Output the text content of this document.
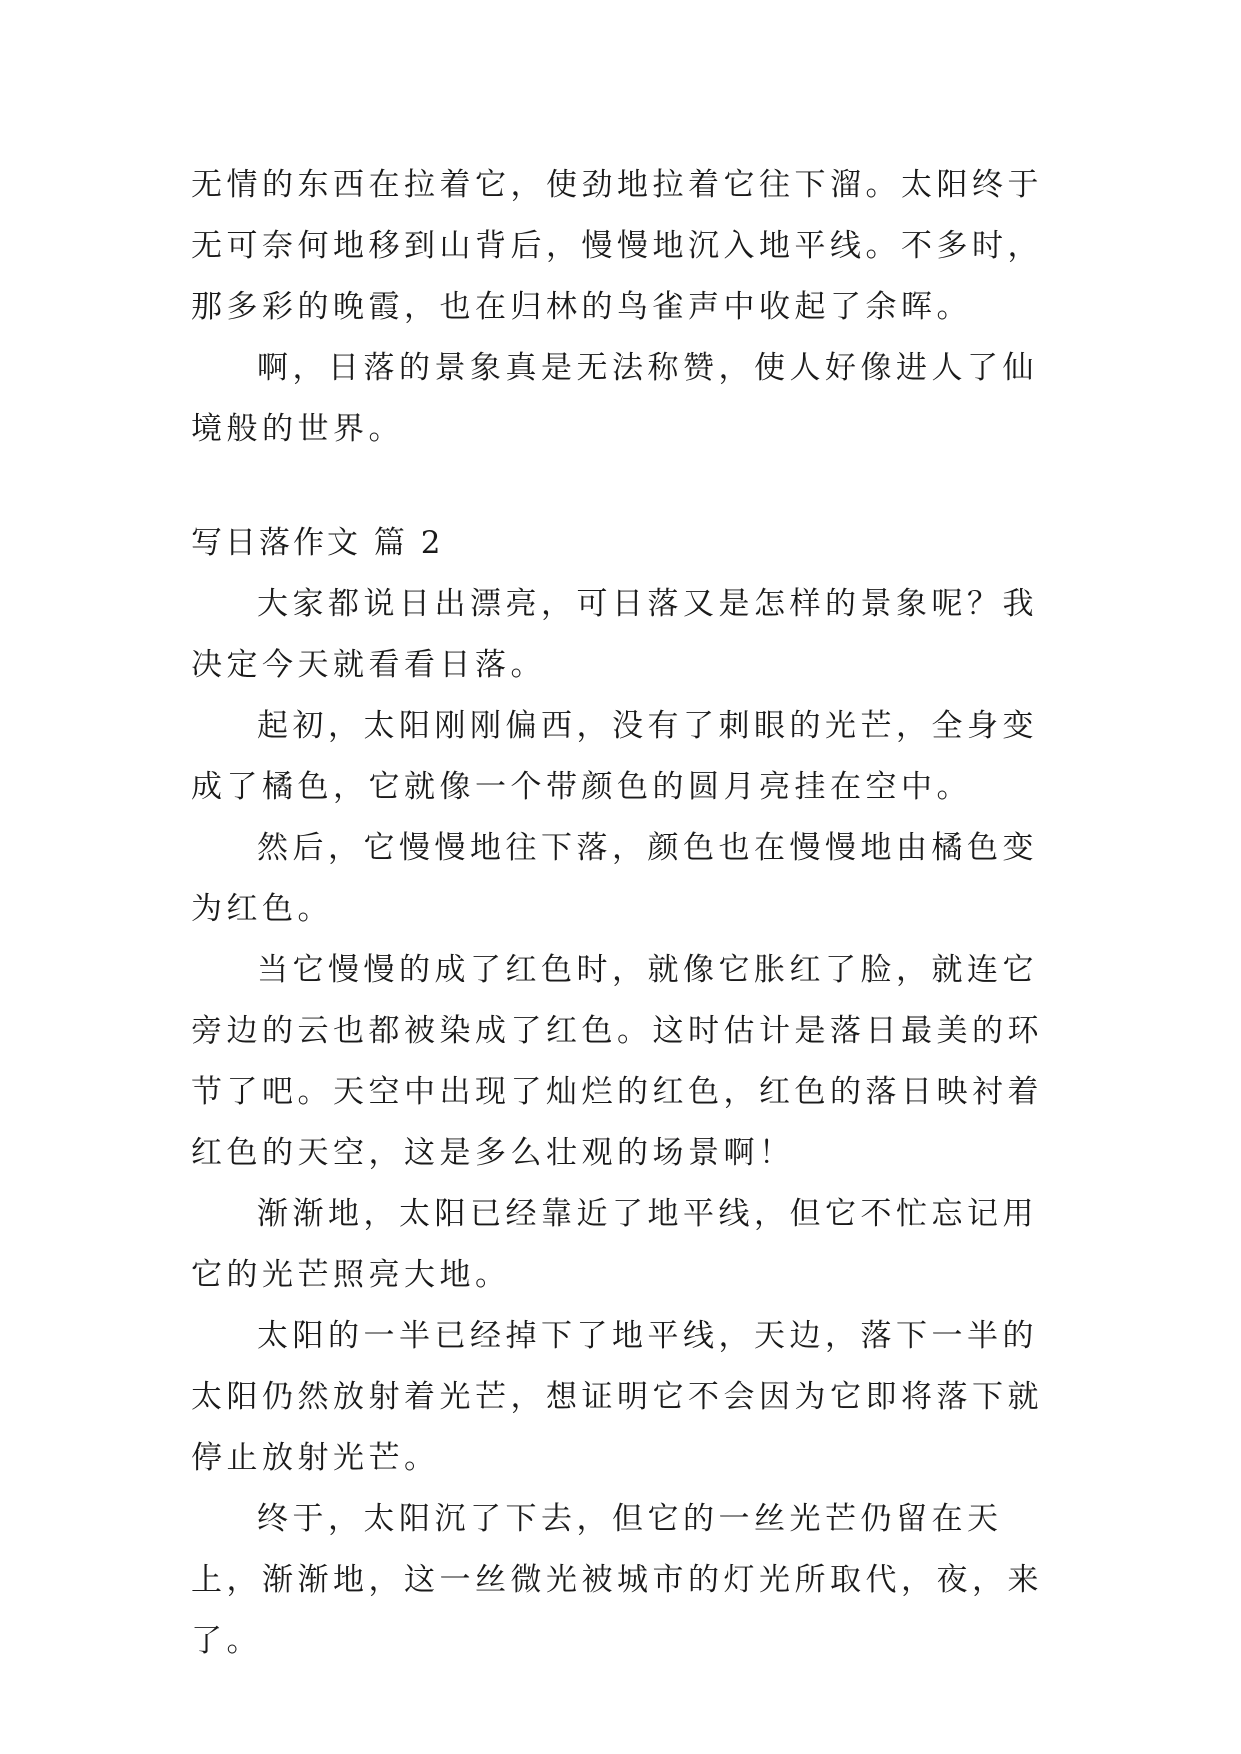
无情的东西在拉着它，使劲地拉着它往下溜。太阳终于无可奈何地移到山背后，慢慢地沉入地平线。不多时，那多彩的晚霞，也在归林的鸟雀声中收起了余晖。

啊，日落的景象真是无法称赞，使人好像进人了仙境般的世界。

写日落作文 篇 2

大家都说日出漂亮，可日落又是怎样的景象呢？我决定今天就看看日落。

起初，太阳刚刚偏西，没有了刺眼的光芒，全身变成了橘色，它就像一个带颜色的圆月亮挂在空中。

然后，它慢慢地往下落，颜色也在慢慢地由橘色变为红色。

当它慢慢的成了红色时，就像它胀红了脸，就连它旁边的云也都被染成了红色。这时估计是落日最美的环节了吧。天空中出现了灿烂的红色，红色的落日映衬着红色的天空，这是多么壮观的场景啊！

渐渐地，太阳已经靠近了地平线，但它不忙忘记用它的光芒照亮大地。

太阳的一半已经掉下了地平线，天边，落下一半的太阳仍然放射着光芒，想证明它不会因为它即将落下就停止放射光芒。

终于，太阳沉了下去，但它的一丝光芒仍留在天上，渐渐地，这一丝微光被城市的灯光所取代，夜，来了。
